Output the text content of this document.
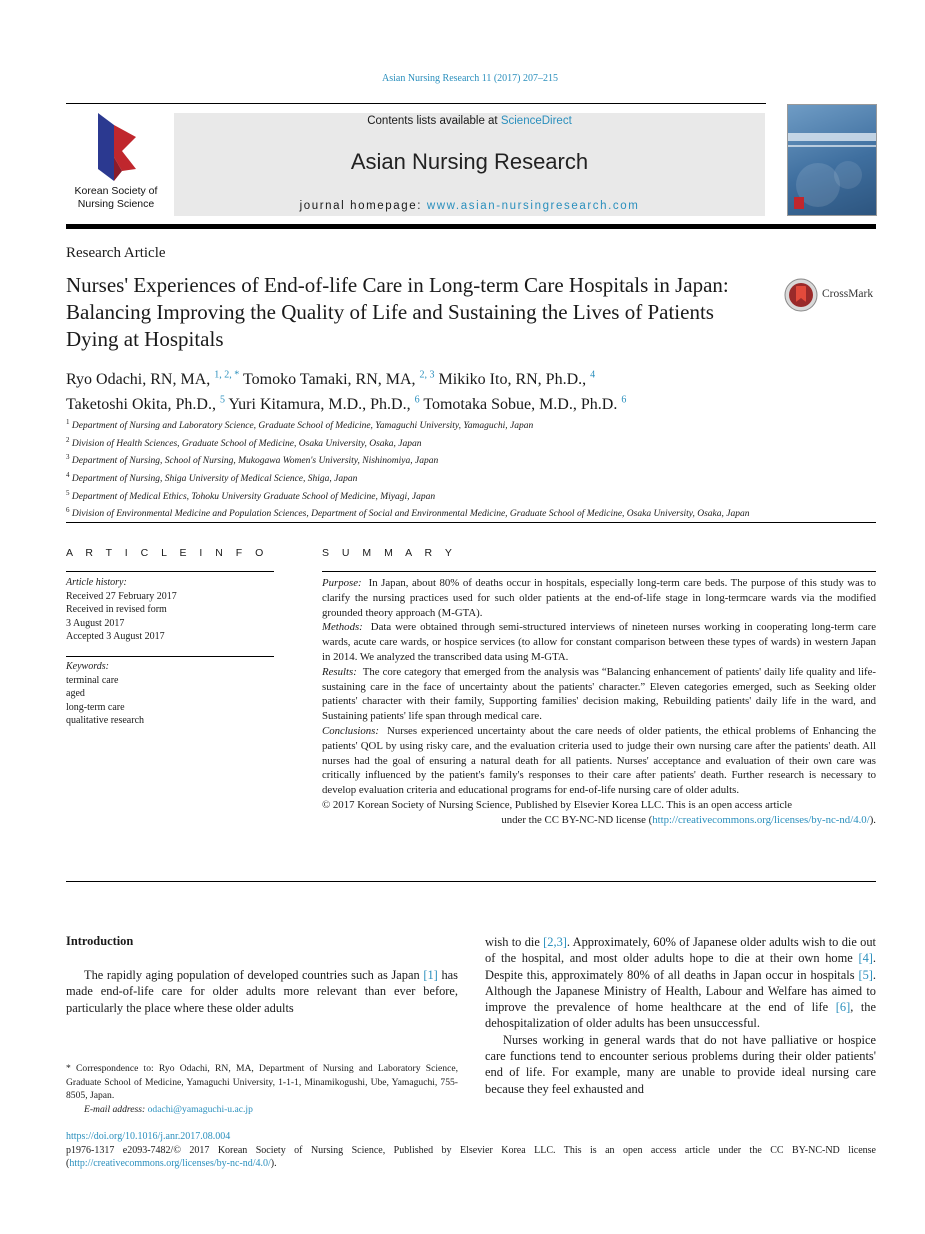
Asian Nursing Research 11 (2017) 207–215
Korean Society of
Nursing Science
Contents lists available at ScienceDirect
Asian Nursing Research
journal homepage: www.asian-nursingresearch.com
Research Article
Nurses' Experiences of End-of-life Care in Long-term Care Hospitals in Japan: Balancing Improving the Quality of Life and Sustaining the Lives of Patients Dying at Hospitals
CrossMark
Ryo Odachi, RN, MA, $^{1, 2, *}$ Tomoko Tamaki, RN, MA, $^{2, 3}$ Mikiko Ito, RN, Ph.D., $^4$
Taketoshi Okita, Ph.D., $^5$ Yuri Kitamura, M.D., Ph.D., $^6$ Tomotaka Sobue, M.D., Ph.D. $^6$
$^1$ Department of Nursing and Laboratory Science, Graduate School of Medicine, Yamaguchi University, Yamaguchi, Japan
$^2$ Division of Health Sciences, Graduate School of Medicine, Osaka University, Osaka, Japan
$^3$ Department of Nursing, School of Nursing, Mukogawa Women's University, Nishinomiya, Japan
$^4$ Department of Nursing, Shiga University of Medical Science, Shiga, Japan
$^5$ Department of Medical Ethics, Tohoku University Graduate School of Medicine, Miyagi, Japan
$^6$ Division of Environmental Medicine and Population Sciences, Department of Social and Environmental Medicine, Graduate School of Medicine, Osaka University, Osaka, Japan
A R T I C L E I N F O
Article history:
Received 27 February 2017
Received in revised form
3 August 2017
Accepted 3 August 2017
Keywords:
terminal care
aged
long-term care
qualitative research
S U M M A R Y

Purpose: In Japan, about 80% of deaths occur in hospitals, especially long-term care beds. The purpose of this study was to clarify the nursing practices used for such older patients at the end-of-life stage in long-termcare wards via the modified grounded theory approach (M-GTA).

Methods: Data were obtained through semi-structured interviews of nineteen nurses working in cooperating long-term care wards, acute care wards, or hospice services (to allow for constant comparison between these types of wards) in western Japan in 2014. We analyzed the transcribed data using M-GTA.

Results: The core category that emerged from the analysis was “Balancing enhancement of patients' daily life quality and life-sustaining care in the face of uncertainty about the patients' character.” Eleven categories emerged, such as Seeking older patients' character with their family, Supporting families' decision making, Rebuilding patients' daily life in the ward, and Sustaining patients' life span through medical care.

Conclusions: Nurses experienced uncertainty about the care needs of older patients, the ethical problems of Enhancing the patients' QOL by using risky care, and the evaluation criteria used to judge their own nursing care after the patients' death. All nurses had the goal of ensuring a natural death for all patients. Nurses' acceptance and evaluation of their own care was critically influenced by the patient's family's responses to their care after patients' death. Further research is necessary to develop evaluation criteria and educational programs for end-of-life nursing care of older adults.

© 2017 Korean Society of Nursing Science, Published by Elsevier Korea LLC. This is an open access article

under the CC BY-NC-ND license (http://creativecommons.org/licenses/by-nc-nd/4.0/).

Introduction

The rapidly aging population of developed countries such as Japan [1] has made end-of-life care for older adults more relevant than ever before, particularly the place where these older adults

wish to die [2,3]. Approximately, 60% of Japanese older adults wish to die out of the hospital, and most older adults hope to die at their own home [4]. Despite this, approximately 80% of all deaths in Japan occur in hospitals [5]. Although the Japanese Ministry of Health, Labour and Welfare has aimed to improve the prevalence of home healthcare at the end of life [6], the dehospitalization of older adults has been unsuccessful.

Nurses working in general wards that do not have palliative or hospice care functions tend to encounter serious problems during their older patients' end of life. For example, many are unable to provide ideal nursing care because they feel exhausted and

* Correspondence to: Ryo Odachi, RN, MA, Department of Nursing and Laboratory Science, Graduate School of Medicine, Yamaguchi University, 1-1-1, Minamikogushi, Ube, Yamaguchi, 755-8505, Japan.

E-mail address: odachi@yamaguchi-u.ac.jp

https://doi.org/10.1016/j.anr.2017.08.004
p1976-1317 e2093-7482/© 2017 Korean Society of Nursing Science, Published by Elsevier Korea LLC. This is an open access article under the CC BY-NC-ND license (http://creativecommons.org/licenses/by-nc-nd/4.0/).
